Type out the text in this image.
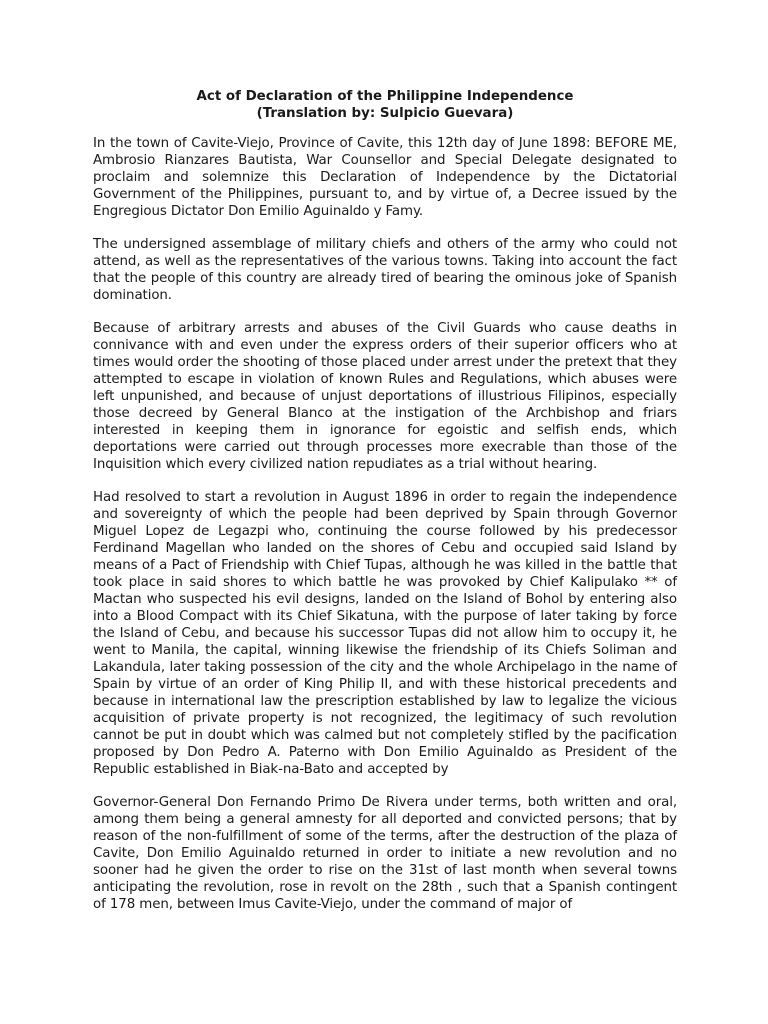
Act of Declaration of the Philippine Independence
(Translation by: Sulpicio Guevara)

In the town of Cavite-Viejo, Province of Cavite, this 12th day of June 1898: BEFORE ME, Ambrosio Rianzares Bautista, War Counsellor and Special Delegate designated to proclaim and solemnize this Declaration of Independence by the Dictatorial Government of the Philippines, pursuant to, and by virtue of, a Decree issued by the Engregious Dictator Don Emilio Aguinaldo y Famy.

The undersigned assemblage of military chiefs and others of the army who could not attend, as well as the representatives of the various towns. Taking into account the fact that the people of this country are already tired of bearing the ominous joke of Spanish domination.

Because of arbitrary arrests and abuses of the Civil Guards who cause deaths in connivance with and even under the express orders of their superior officers who at times would order the shooting of those placed under arrest under the pretext that they attempted to escape in violation of known Rules and Regulations, which abuses were left unpunished, and because of unjust deportations of illustrious Filipinos, especially those decreed by General Blanco at the instigation of the Archbishop and friars interested in keeping them in ignorance for egoistic and selfish ends, which deportations were carried out through processes more execrable than those of the Inquisition which every civilized nation repudiates as a trial without hearing.

Had resolved to start a revolution in August 1896 in order to regain the independence and sovereignty of which the people had been deprived by Spain through Governor Miguel Lopez de Legazpi who, continuing the course followed by his predecessor Ferdinand Magellan who landed on the shores of Cebu and occupied said Island by means of a Pact of Friendship with Chief Tupas, although he was killed in the battle that took place in said shores to which battle he was provoked by Chief Kalipulako ** of Mactan who suspected his evil designs, landed on the Island of Bohol by entering also into a Blood Compact with its Chief Sikatuna, with the purpose of later taking by force the Island of Cebu, and because his successor Tupas did not allow him to occupy it, he went to Manila, the capital, winning likewise the friendship of its Chiefs Soliman and Lakandula, later taking possession of the city and the whole Archipelago in the name of Spain by virtue of an order of King Philip II, and with these historical precedents and because in international law the prescription established by law to legalize the vicious acquisition of private property is not recognized, the legitimacy of such revolution cannot be put in doubt which was calmed but not completely stifled by the pacification proposed by Don Pedro A. Paterno with Don Emilio Aguinaldo as President of the Republic established in Biak-na-Bato and accepted by

Governor-General Don Fernando Primo De Rivera under terms, both written and oral, among them being a general amnesty for all deported and convicted persons; that by reason of the non-fulfillment of some of the terms, after the destruction of the plaza of Cavite, Don Emilio Aguinaldo returned in order to initiate a new revolution and no sooner had he given the order to rise on the 31st of last month when several towns anticipating the revolution, rose in revolt on the 28th , such that a Spanish contingent of 178 men, between Imus Cavite-Viejo, under the command of major of
